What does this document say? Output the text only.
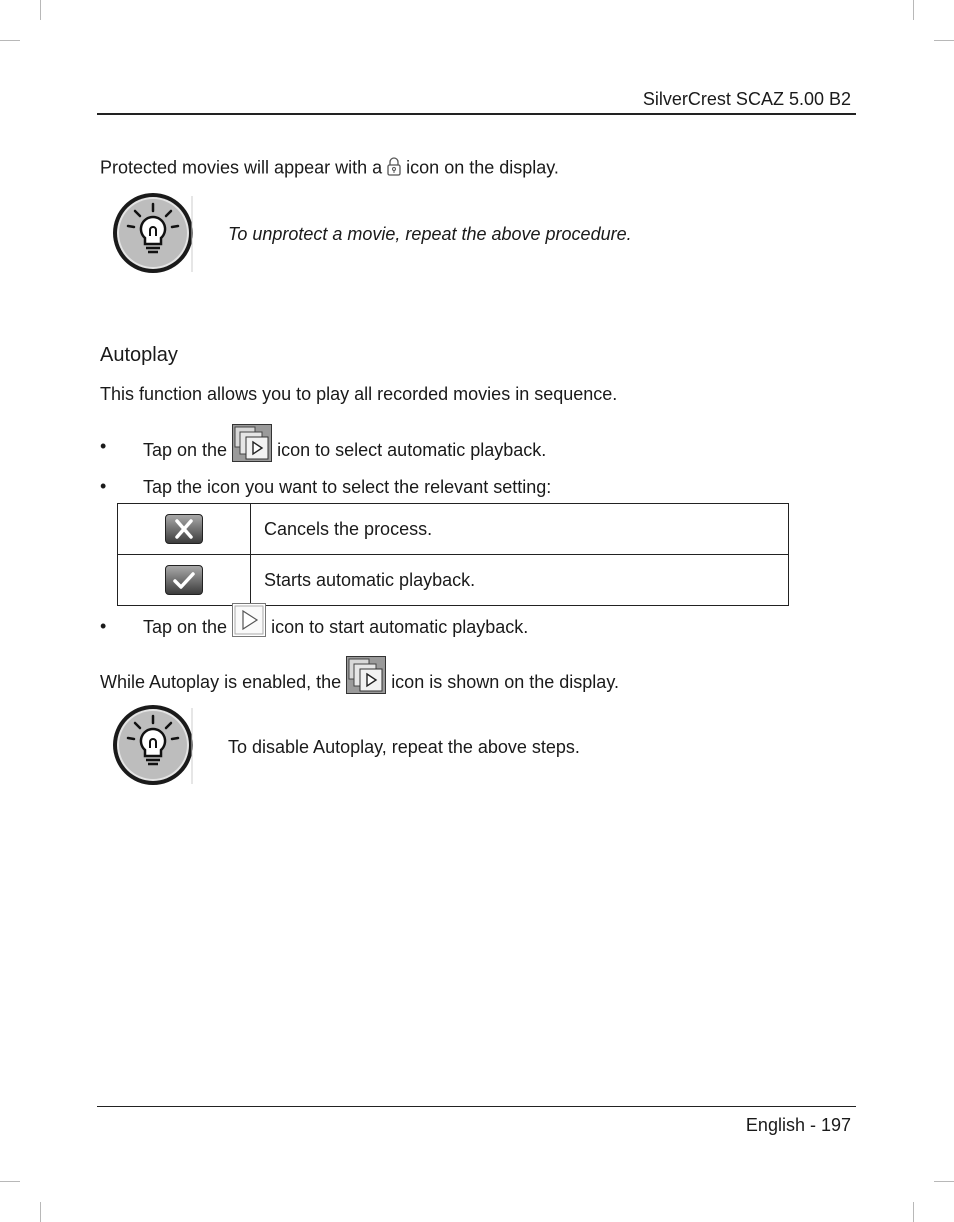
SilverCrest SCAZ 5.00 B2
Protected movies will appear with a icon on the display.
To unprotect a movie, repeat the above procedure.
Autoplay
This function allows you to play all recorded movies in sequence.
• Tap on the	icon to select automatic playback.
• Tap the icon you want to select the relevant setting:
	Cancels the process.

	Starts automatic playback.
• Tap on the icon to start automatic playback.
While Autoplay is enabled, the	icon is shown on the display.
To disable Autoplay, repeat the above steps.
English - 197
